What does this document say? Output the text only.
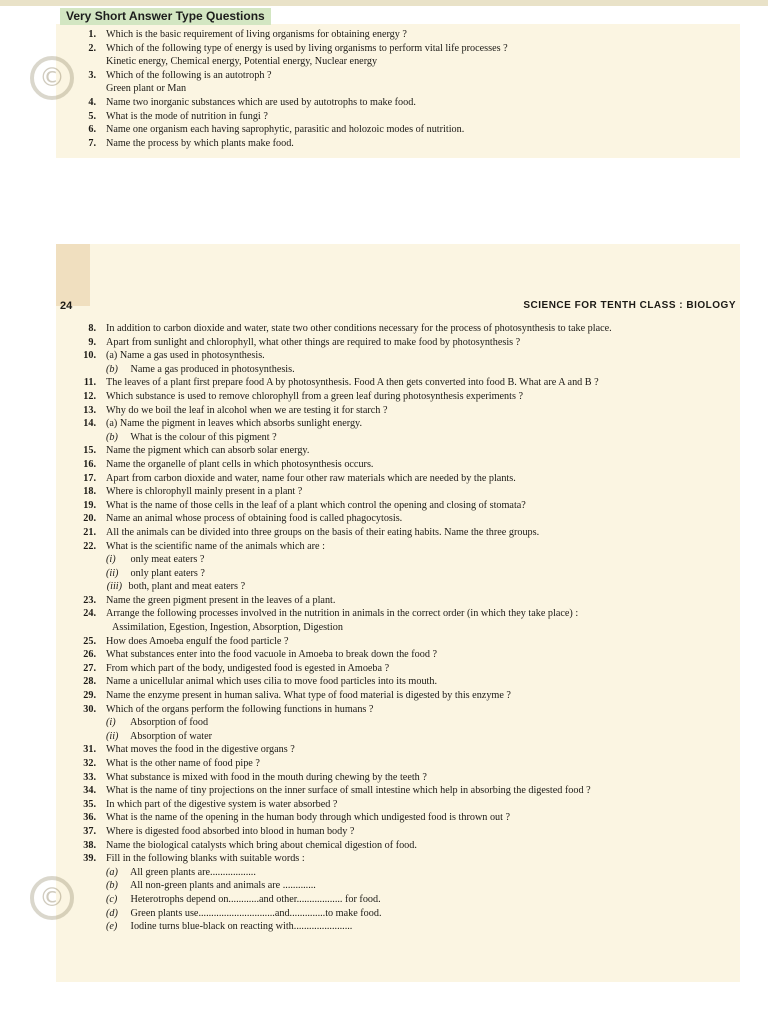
Very Short Answer Type Questions
1. Which is the basic requirement of living organisms for obtaining energy ?
2. Which of the following type of energy is used by living organisms to perform vital life processes ?
Kinetic energy, Chemical energy, Potential energy, Nuclear energy
3. Which of the following is an autotroph ?
Green plant or Man
4. Name two inorganic substances which are used by autotrophs to make food.
5. What is the mode of nutrition in fungi ?
6. Name one organism each having saprophytic, parasitic and holozoic modes of nutrition.
7. Name the process by which plants make food.
24	SCIENCE FOR TENTH CLASS : BIOLOGY
8. In addition to carbon dioxide and water, state two other conditions necessary for the process of photosynthesis to take place.
9. Apart from sunlight and chlorophyll, what other things are required to make food by photosynthesis ?
10. (a) Name a gas used in photosynthesis.
(b) Name a gas produced in photosynthesis.
11. The leaves of a plant first prepare food A by photosynthesis. Food A then gets converted into food B. What are A and B ?
12. Which substance is used to remove chlorophyll from a green leaf during photosynthesis experiments ?
13. Why do we boil the leaf in alcohol when we are testing it for starch ?
14. (a) Name the pigment in leaves which absorbs sunlight energy.
(b) What is the colour of this pigment ?
15. Name the pigment which can absorb solar energy.
16. Name the organelle of plant cells in which photosynthesis occurs.
17. Apart from carbon dioxide and water, name four other raw materials which are needed by the plants.
18. Where is chlorophyll mainly present in a plant ?
19. What is the name of those cells in the leaf of a plant which control the opening and closing of stomata?
20. Name an animal whose process of obtaining food is called phagocytosis.
21. All the animals can be divided into three groups on the basis of their eating habits. Name the three groups.
22. What is the scientific name of the animals which are :
(i) only meat eaters ?
(ii) only plant eaters ?
(iii) both, plant and meat eaters ?
23. Name the green pigment present in the leaves of a plant.
24. Arrange the following processes involved in the nutrition in animals in the correct order (in which they take place) :
Assimilation, Egestion, Ingestion, Absorption, Digestion
25. How does Amoeba engulf the food particle ?
26. What substances enter into the food vacuole in Amoeba to break down the food ?
27. From which part of the body, undigested food is egested in Amoeba ?
28. Name a unicellular animal which uses cilia to move food particles into its mouth.
29. Name the enzyme present in human saliva. What type of food material is digested by this enzyme ?
30. Which of the organs perform the following functions in humans ?
(i) Absorption of food
(ii) Absorption of water
31. What moves the food in the digestive organs ?
32. What is the other name of food pipe ?
33. What substance is mixed with food in the mouth during chewing by the teeth ?
34. What is the name of tiny projections on the inner surface of small intestine which help in absorbing the digested food ?
35. In which part of the digestive system is water absorbed ?
36. What is the name of the opening in the human body through which undigested food is thrown out ?
37. Where is digested food absorbed into blood in human body ?
38. Name the biological catalysts which bring about chemical digestion of food.
39. Fill in the following blanks with suitable words :
(a) All green plants are..................
(b) All non-green plants and animals are .............
(c) Heterotrophs depend on............and other.................. for food.
(d) Green plants use..............................and..............to make food.
(e) Iodine turns blue-black on reacting with.......................
©
©
